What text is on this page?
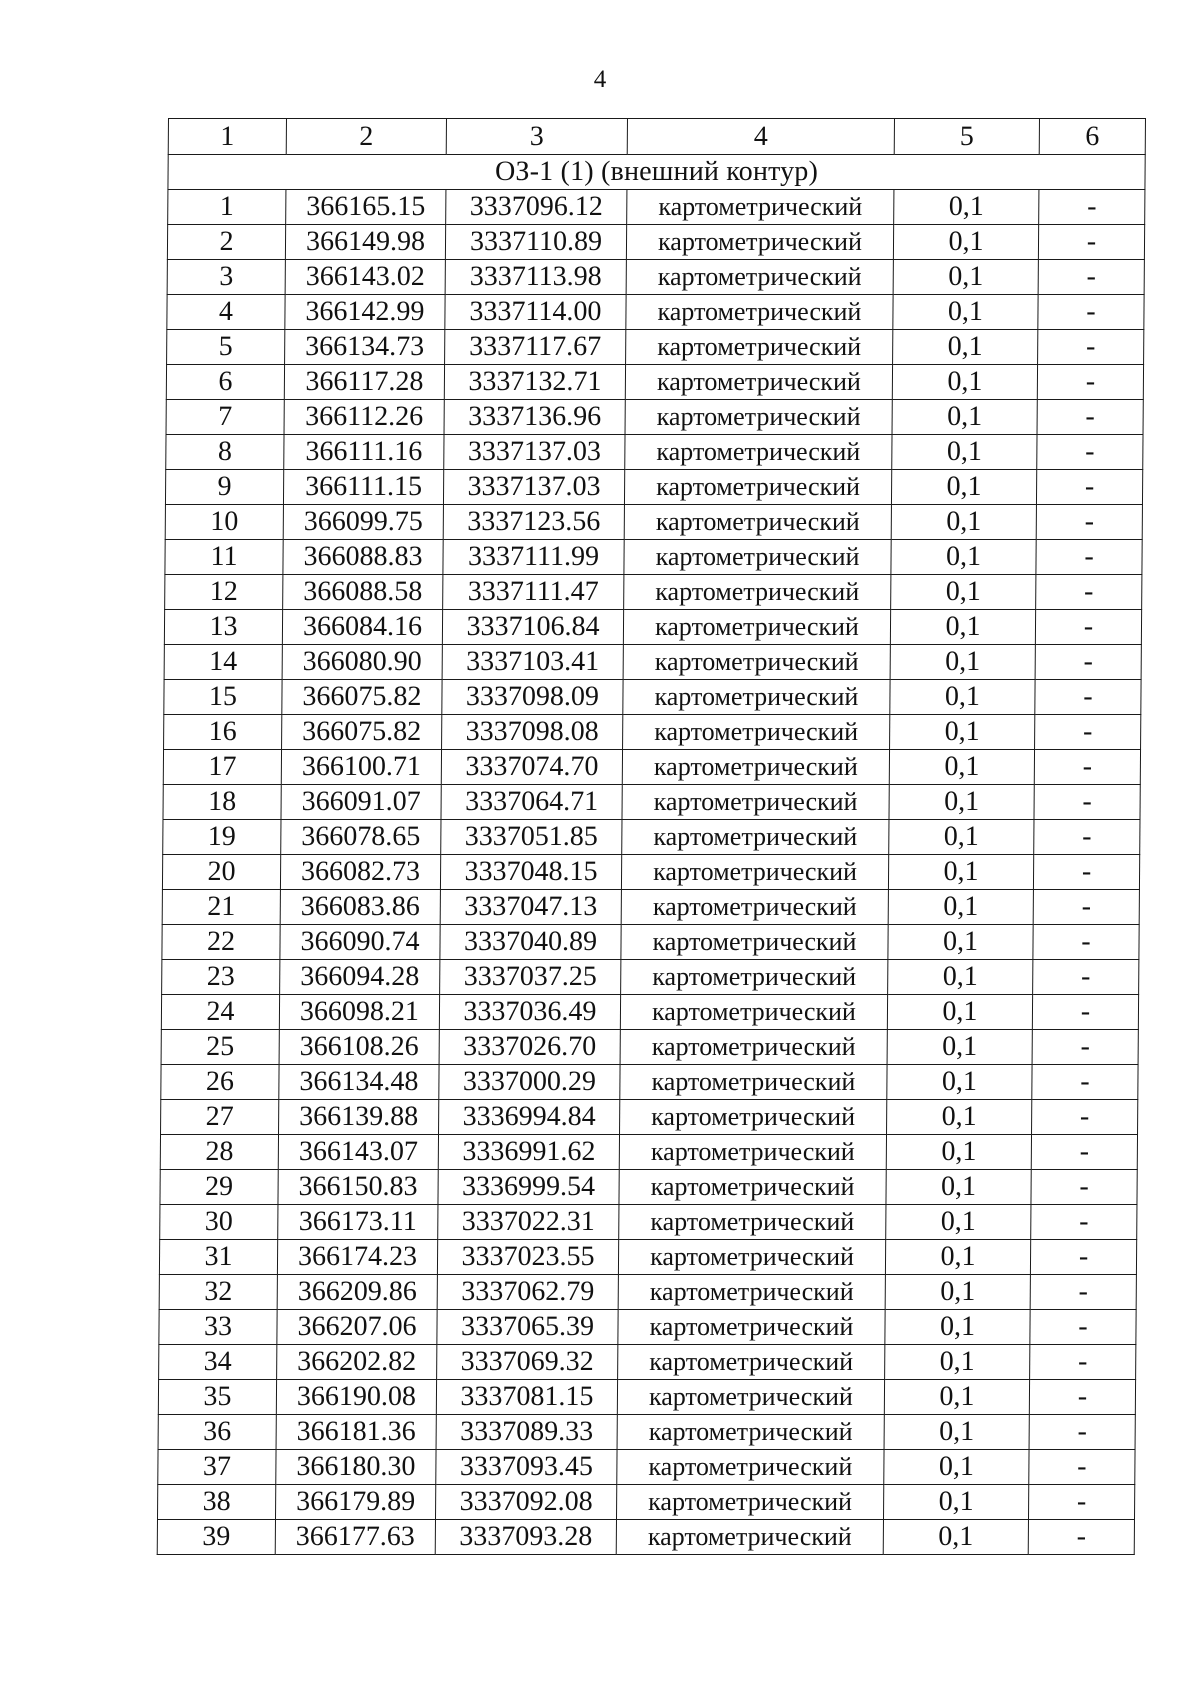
4
1	2	3	4	5	6
ОЗ-1 (1) (внешний контур)					
1	366165.15	3337096.12	картометрический	0,1	-
2	366149.98	3337110.89	картометрический	0,1	-
3	366143.02	3337113.98	картометрический	0,1	-
4	366142.99	3337114.00	картометрический	0,1	-
5	366134.73	3337117.67	картометрический	0,1	-
6	366117.28	3337132.71	картометрический	0,1	-
7	366112.26	3337136.96	картометрический	0,1	-
8	366111.16	3337137.03	картометрический	0,1	-
9	366111.15	3337137.03	картометрический	0,1	-
10	366099.75	3337123.56	картометрический	0,1	-
11	366088.83	3337111.99	картометрический	0,1	-
12	366088.58	3337111.47	картометрический	0,1	-
13	366084.16	3337106.84	картометрический	0,1	-
14	366080.90	3337103.41	картометрический	0,1	-
15	366075.82	3337098.09	картометрический	0,1	-
16	366075.82	3337098.08	картометрический	0,1	-
17	366100.71	3337074.70	картометрический	0,1	-
18	366091.07	3337064.71	картометрический	0,1	-
19	366078.65	3337051.85	картометрический	0,1	-
20	366082.73	3337048.15	картометрический	0,1	-
21	366083.86	3337047.13	картометрический	0,1	-
22	366090.74	3337040.89	картометрический	0,1	-
23	366094.28	3337037.25	картометрический	0,1	-
24	366098.21	3337036.49	картометрический	0,1	-
25	366108.26	3337026.70	картометрический	0,1	-
26	366134.48	3337000.29	картометрический	0,1	-
27	366139.88	3336994.84	картометрический	0,1	-
28	366143.07	3336991.62	картометрический	0,1	-
29	366150.83	3336999.54	картометрический	0,1	-
30	366173.11	3337022.31	картометрический	0,1	-
31	366174.23	3337023.55	картометрический	0,1	-
32	366209.86	3337062.79	картометрический	0,1	-
33	366207.06	3337065.39	картометрический	0,1	-
34	366202.82	3337069.32	картометрический	0,1	-
35	366190.08	3337081.15	картометрический	0,1	-
36	366181.36	3337089.33	картометрический	0,1	-
37	366180.30	3337093.45	картометрический	0,1	-
38	366179.89	3337092.08	картометрический	0,1	-
39	366177.63	3337093.28	картометрический	0,1	-
